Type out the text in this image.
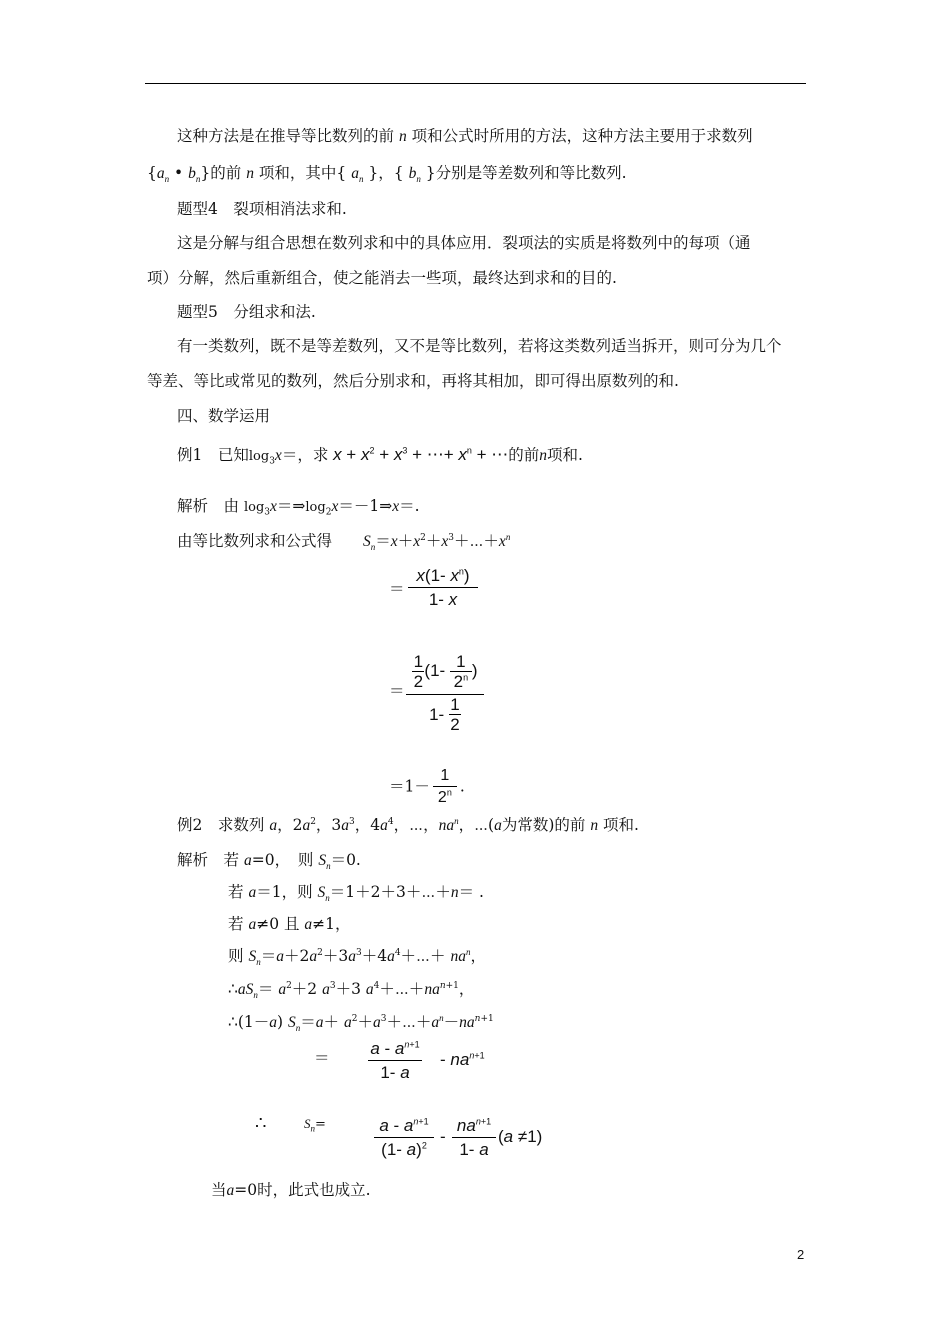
这种方法是在推导等比数列的前 n 项和公式时所用的方法，这种方法主要用于求数列
{$a_n$ • $b_n$}的前 n 项和，其中{ $a_n$ }，{ $b_n$ }分别是等差数列和等比数列.
题型4　裂项相消法求和.
这是分解与组合思想在数列求和中的具体应用．裂项法的实质是将数列中的每项（通
项）分解，然后重新组合，使之能消去一些项，最终达到求和的目的.
题型5　分组求和法.
有一类数列，既不是等差数列，又不是等比数列，若将这类数列适当拆开，则可分为几个
等差、等比或常见的数列，然后分别求和，再将其相加，即可得出原数列的和.
四、数学运用
例1　已知$\log_3x=$，求 $x + x^2 + x^3$ + ⋯+ $x^n$ + ⋯的前n项和.
解析　由 $\log_3x=\Rightarrow\log_2x=-1\Rightarrow x=$.
由等比数列求和公式得　　 $S_n=x+x^2+x^3+\cdots+x^n$
＝
x(1- $x^n$)
1- x
＝
1
2(1- 1
2$^n$ )
1- 1
2
＝1－1
2$^n$ .
例2　求数列 a，$2a^2$，$3a^3$，$4a^4$，⋯，$na^n$，⋯(a为常数)的前 n 项和.
解析　 若 a=0，　 则 $S_n=0$.
若 a＝1，则 $S_n=1+2+3+\cdots+n=$ .
若 a≠0 且 a≠1，
则 $S_n=a+2a^2+3a^3+4a^4+\cdots+ na^n$，
$\therefore aS_n= a^2+2$ $a^3+3$ $a^4+\cdots+na^{n+1}$，
∴(1－a) $S_n=a+$ $a^2+a^3+\cdots+a^n-na^{n+1}$
＝ a - $a^{n+1}$
1- a
- $na^{n+1}$
∴	$S_n=$	a - $a^{n+1}$
(1- a)$^2$ -
$na^{n+1}$
1- a
(a ≠1)
当a=0时，此式也成立.
2
